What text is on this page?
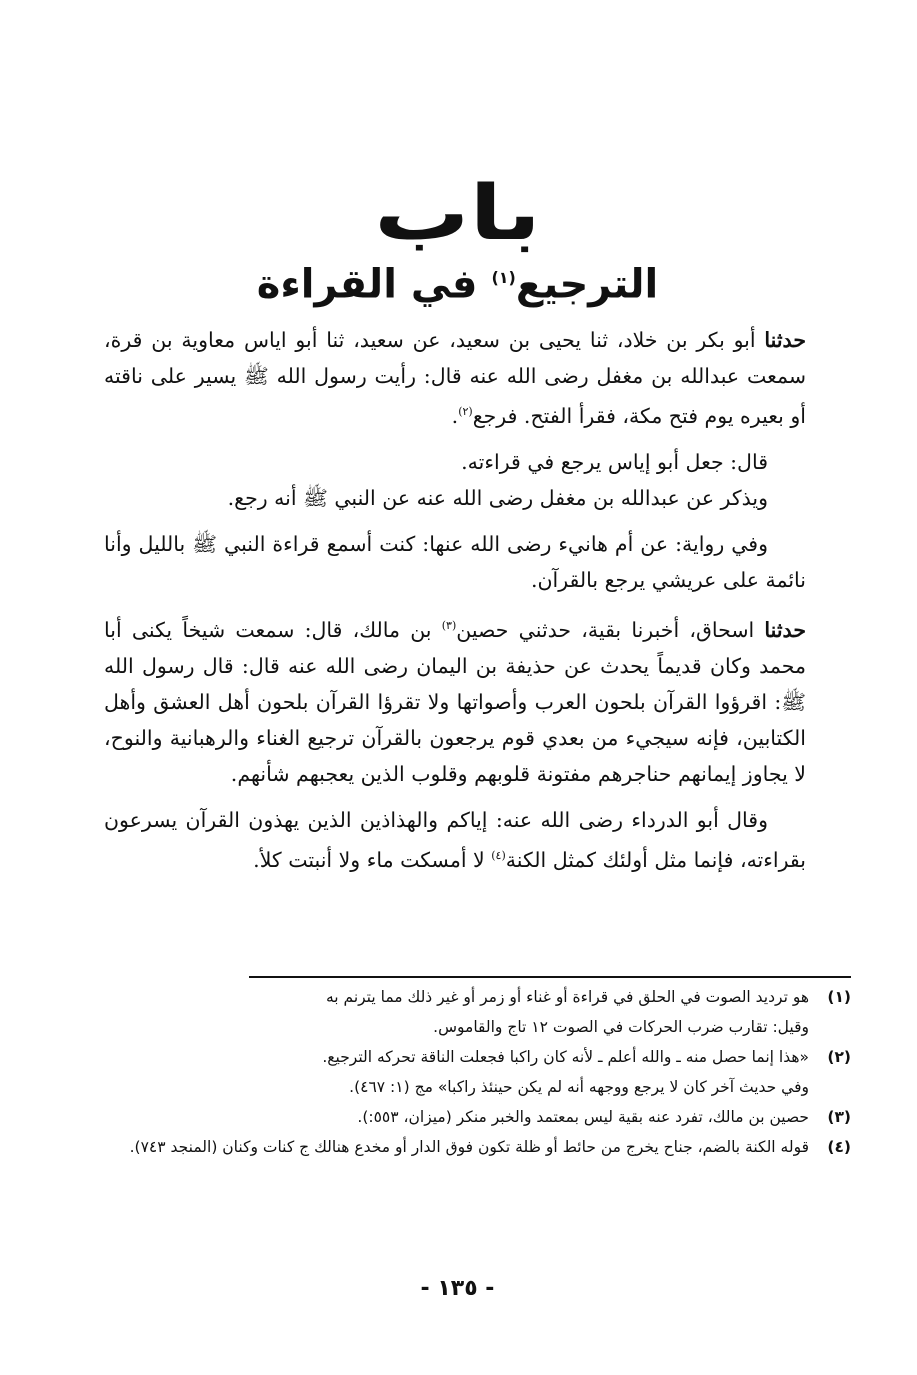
باب
الترجيع$^{(١)}$ في القراءة

حدثنا أبو بكر بن خلاد، ثنا يحيى بن سعيد، عن سعيد، ثنا أبو اياس معاوية بن قرة، سمعت عبدالله بن مغفل رضى الله عنه قال: رأيت رسول الله ﷺ يسير على ناقته أو بعيره يوم فتح مكة، فقرأ الفتح. فرجع$^{(٢)}$.

قال: جعل أبو إياس يرجع في قراءته.

ويذكر عن عبدالله بن مغفل رضى الله عنه عن النبي ﷺ أنه رجع.

وفي رواية: عن أم هانيء رضى الله عنها: كنت أسمع قراءة النبي ﷺ بالليل وأنا نائمة على عريشي يرجع بالقرآن.

حدثنا اسحاق، أخبرنا بقية، حدثني حصين$^{(٣)}$ بن مالك، قال: سمعت شيخاً يكنى أبا محمد وكان قديماً يحدث عن حذيفة بن اليمان رضى الله عنه قال: قال رسول الله ﷺ: اقرؤوا القرآن بلحون العرب وأصواتها ولا تقرؤا القرآن بلحون أهل العشق وأهل الكتابين، فإنه سيجيء من بعدي قوم يرجعون بالقرآن ترجيع الغناء والرهبانية والنوح، لا يجاوز إيمانهم حناجرهم مفتونة قلوبهم وقلوب الذين يعجبهم شأنهم.

وقال أبو الدرداء رضى الله عنه: إياكم والهذاذين الذين يهذون القرآن يسرعون بقراءته، فإنما مثل أولئك كمثل الكنة$^{(٤)}$ لا أمسكت ماء ولا أنبتت كلأ.

(١)
هو ترديد الصوت في الحلق في قراءة أو غناء أو زمر أو غير ذلك مما يترنم به

وقيل: تقارب ضرب الحركات في الصوت ١٢ تاج والقاموس.

(٢)
«هذا إنما حصل منه ـ والله أعلم ـ لأنه كان راكبا فجعلت الناقة تحركه الترجيع.

وفي حديث آخر كان لا يرجع ووجهه أنه لم يكن حينئذ راكبا» مج (١: ٤٦٧).

(٣)
حصين بن مالك، تفرد عنه بقية ليس بمعتمد والخبر منكر (ميزان، ٥٥٣:).
(٤)
قوله الكنة بالضم، جناح يخرج من حائط أو ظلة تكون فوق الدار أو مخدع هنالك ج كنات وكنان (المنجد ٧٤٣).
- ١٣٥ -
